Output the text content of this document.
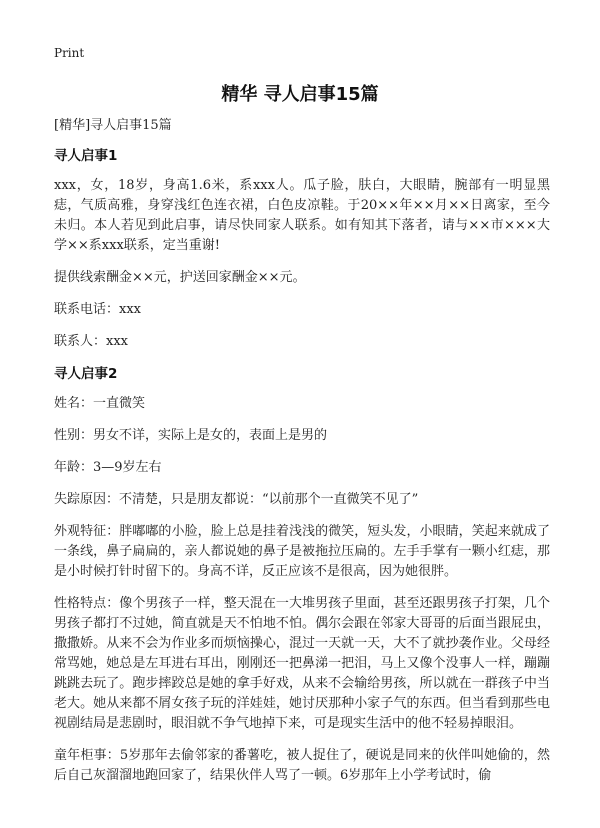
Print
精华 寻人启事15篇

[精华]寻人启事15篇

寻人启事1

xxx，女，18岁，身高1.6米，系xxx人。瓜子脸，肤白，大眼睛，腕部有一明显黑痣，气质高雅，身穿浅红色连衣裙，白色皮凉鞋。于20××年××月××日离家，至今未归。本人若见到此启事，请尽快同家人联系。如有知其下落者，请与××市×××大学××系xxx联系，定当重谢!

提供线索酬金××元，护送回家酬金××元。

联系电话：xxx

联系人：xxx

寻人启事2

姓名：一直微笑

性别：男女不详，实际上是女的，表面上是男的

年龄：3—9岁左右

失踪原因：不清楚，只是朋友都说：“以前那个一直微笑不见了”

外观特征：胖嘟嘟的小脸，脸上总是挂着浅浅的微笑，短头发，小眼睛，笑起来就成了一条线，鼻子扁扁的，亲人都说她的鼻子是被拖拉压扁的。左手手掌有一颗小红痣，那是小时候打针时留下的。身高不详，反正应该不是很高，因为她很胖。

性格特点：像个男孩子一样，整天混在一大堆男孩子里面，甚至还跟男孩子打架，几个男孩子都打不过她，简直就是天不怕地不怕。偶尔会跟在邻家大哥哥的后面当跟屁虫，撒撒娇。从来不会为作业多而烦恼操心，混过一天就一天，大不了就抄袭作业。父母经常骂她，她总是左耳进右耳出，刚刚还一把鼻涕一把泪，马上又像个没事人一样，蹦蹦跳跳去玩了。跑步摔跤总是她的拿手好戏，从来不会输给男孩，所以就在一群孩子中当老大。她从来都不屑女孩子玩的洋娃娃，她讨厌那种小家子气的东西。但当看到那些电视剧结局是悲剧时，眼泪就不争气地掉下来，可是现实生活中的他不轻易掉眼泪。

童年柜事：5岁那年去偷邻家的番薯吃，被人捉住了，硬说是同来的伙伴叫她偷的，然后自己灰溜溜地跑回家了，结果伙伴人骂了一顿。6岁那年上小学考试时，偷
